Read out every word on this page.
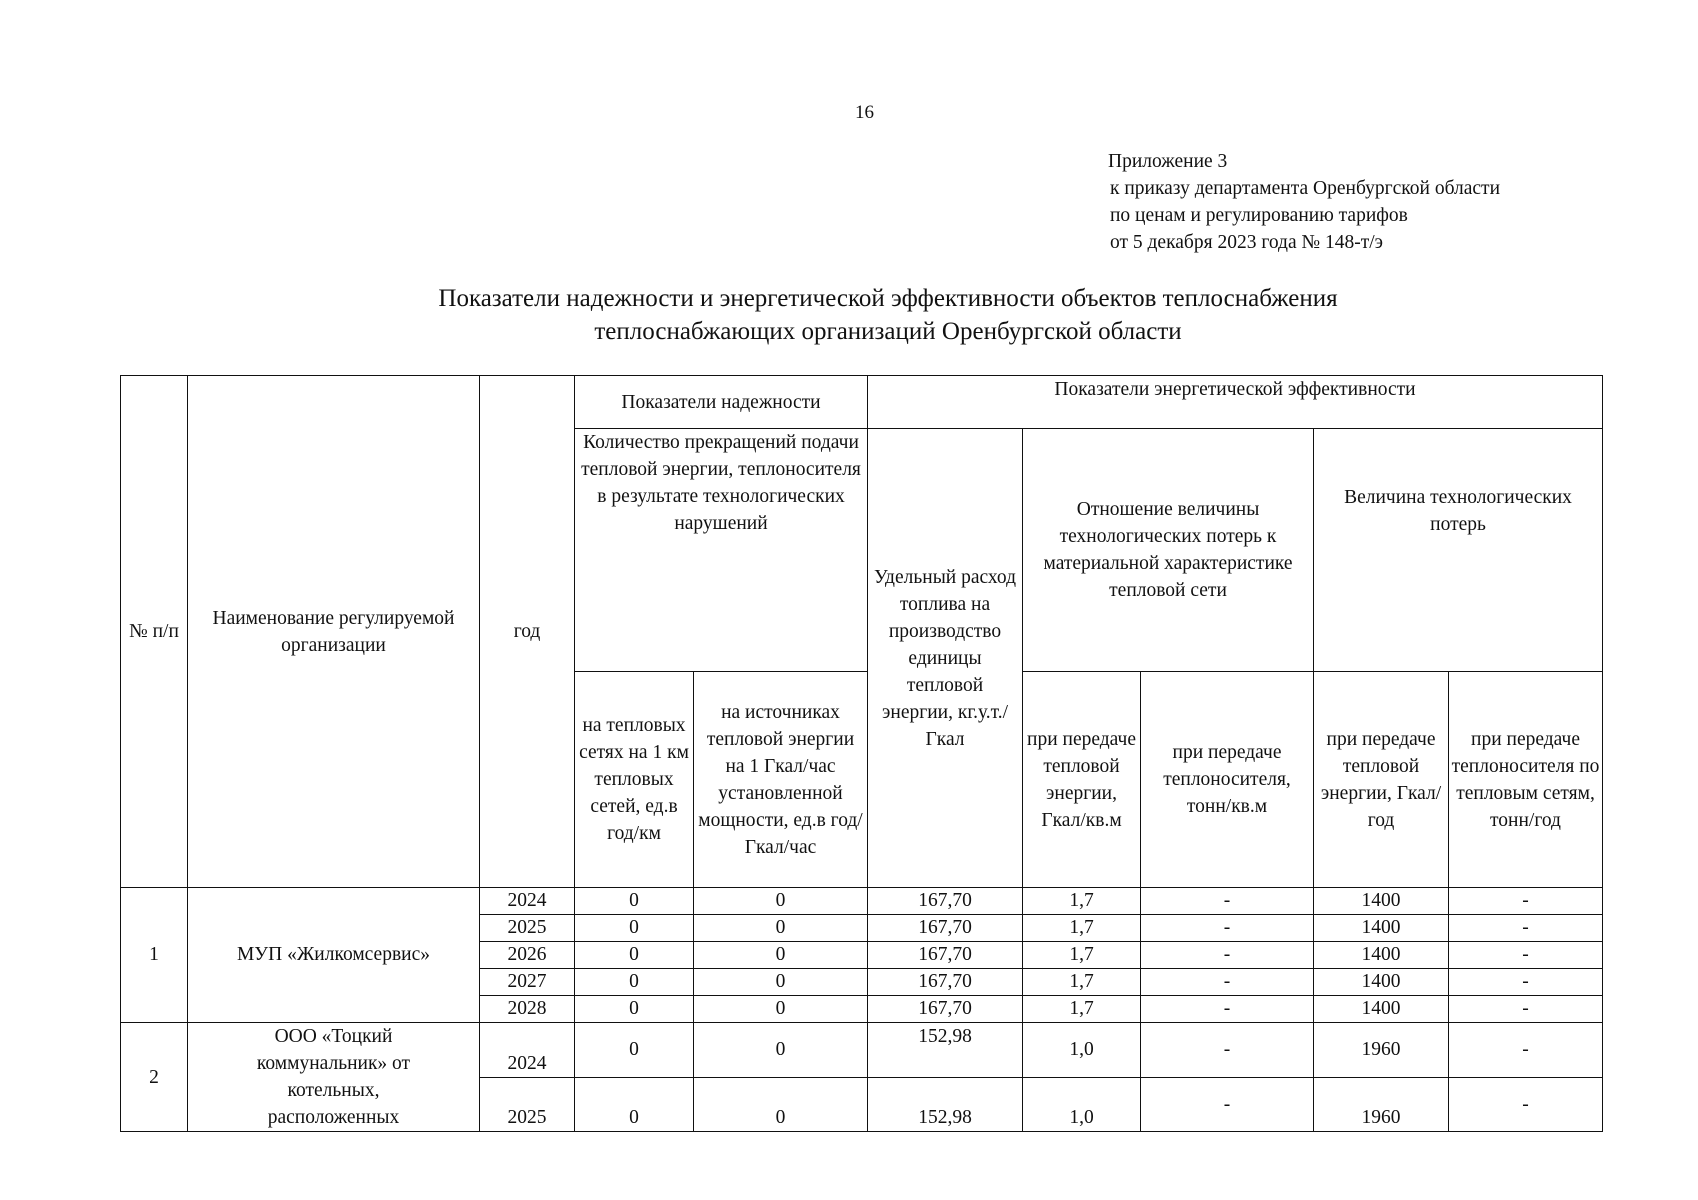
16
Приложение 3
к приказу департамента Оренбургской области
по ценам и регулированию тарифов
от 5 декабря 2023 года № 148-т/э
Показатели надежности и энергетической эффективности объектов теплоснабжения
теплоснабжающих организаций Оренбургской области
№ п/п	Наименование регулируемой организации	год	Показатели надежности		Показатели энергетической эффективности				
			Количество прекращений подачи тепловой энергии, теплоносителя в результате технологических нарушений		Удельный расход топлива на производство единицы тепловой энергии, кг.у.т./Гкал	Отношение величины технологических потерь к материальной характеристике тепловой сети		Величина технологических потерь	
			на тепловых сетях на 1 км тепловых сетей, ед.в год/км	на источниках тепловой энергии на 1 Гкал/час установленной мощности, ед.в год/Гкал/час		при передаче тепловой энергии, Гкал/кв.м	при передаче теплоносителя, тонн/кв.м	при передаче тепловой энергии, Гкал/год	при передаче теплоносителя по тепловым сетям, тонн/год
1	МУП «Жилкомсервис»	2024	0	0	167,70	1,7	-	1400	-
		2025	0	0	167,70	1,7	-	1400	-
		2026	0	0	167,70	1,7	-	1400	-
		2027	0	0	167,70	1,7	-	1400	-
		2028	0	0	167,70	1,7	-	1400	-
2	ООО «Тоцкий коммунальник» от котельных, расположенных	2024	0	0	152,98	1,0	-	1960	-
		2025	0	0	152,98	1,0	-	1960	-
